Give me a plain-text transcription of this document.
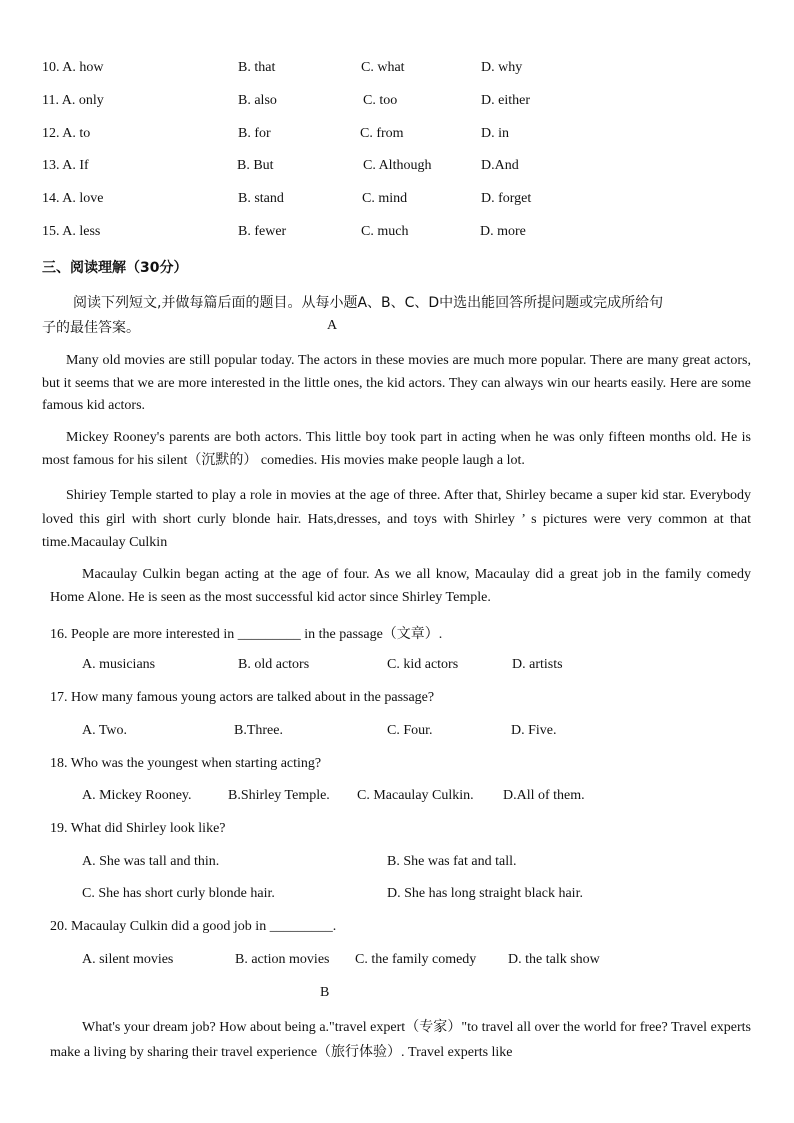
10. A. how	B. that	C. what	D. why
11. A. only	B. also	C. too	D. either
12. A. to	B. for	C. from	D. in
13. A. If	B. But	C. Although	D.And
14. A. love	B. stand	C. mind	D. forget
15. A. less	B. fewer	C. much	D. more
三、阅读理解（30分）
阅读下列短文,并做每篇后面的题目。从每小题A、B、C、D中选出能回答所提问题或完成所给句
子的最佳答案。	A
Many old movies are still popular today. The actors in these movies are much more popular. There are many great actors, but it seems that we are more interested in the little ones, the kid actors. They can always win our hearts easily. Here are some famous kid actors.
Mickey Rooney's parents are both actors. This little boy took part in acting when he was only fifteen months old. He is most famous for his silent（沉默的） comedies. His movies make people laugh a lot.
Shiriey Temple started to play a role in movies at the age of three. After that, Shirley became a super kid star. Everybody loved this girl with short curly blonde hair. Hats,dresses, and toys with Shirley ’ s pictures were very common at that time.Macaulay Culkin
Macaulay Culkin began acting at the age of four. As we all know, Macaulay did a great job in the family comedy Home Alone. He is seen as the most successful kid actor since Shirley Temple.
16. People are more interested in _________ in the passage（文章）.
A. musicians	B. old actors	C. kid actors	D. artists
17. How many famous young actors are talked about in the passage?
A. Two.	B.Three.	C. Four.	D. Five.
18. Who was the youngest when starting acting?
A. Mickey Rooney.	B.Shirley Temple. C. Macaulay Culkin. D.All of them.
19. What did Shirley look like?
A. She was tall and thin.	B. She was fat and tall.
C. She has short curly blonde hair.	D. She has long straight black hair.
20. Macaulay Culkin did a good job in _________.
A. silent movies	B. action movies C. the family comedy D. the talk show
B
What's your dream job? How about being a."travel expert（专家）"to travel all over the world for free? Travel experts make a living by sharing their travel experience（旅行体验）. Travel experts like
